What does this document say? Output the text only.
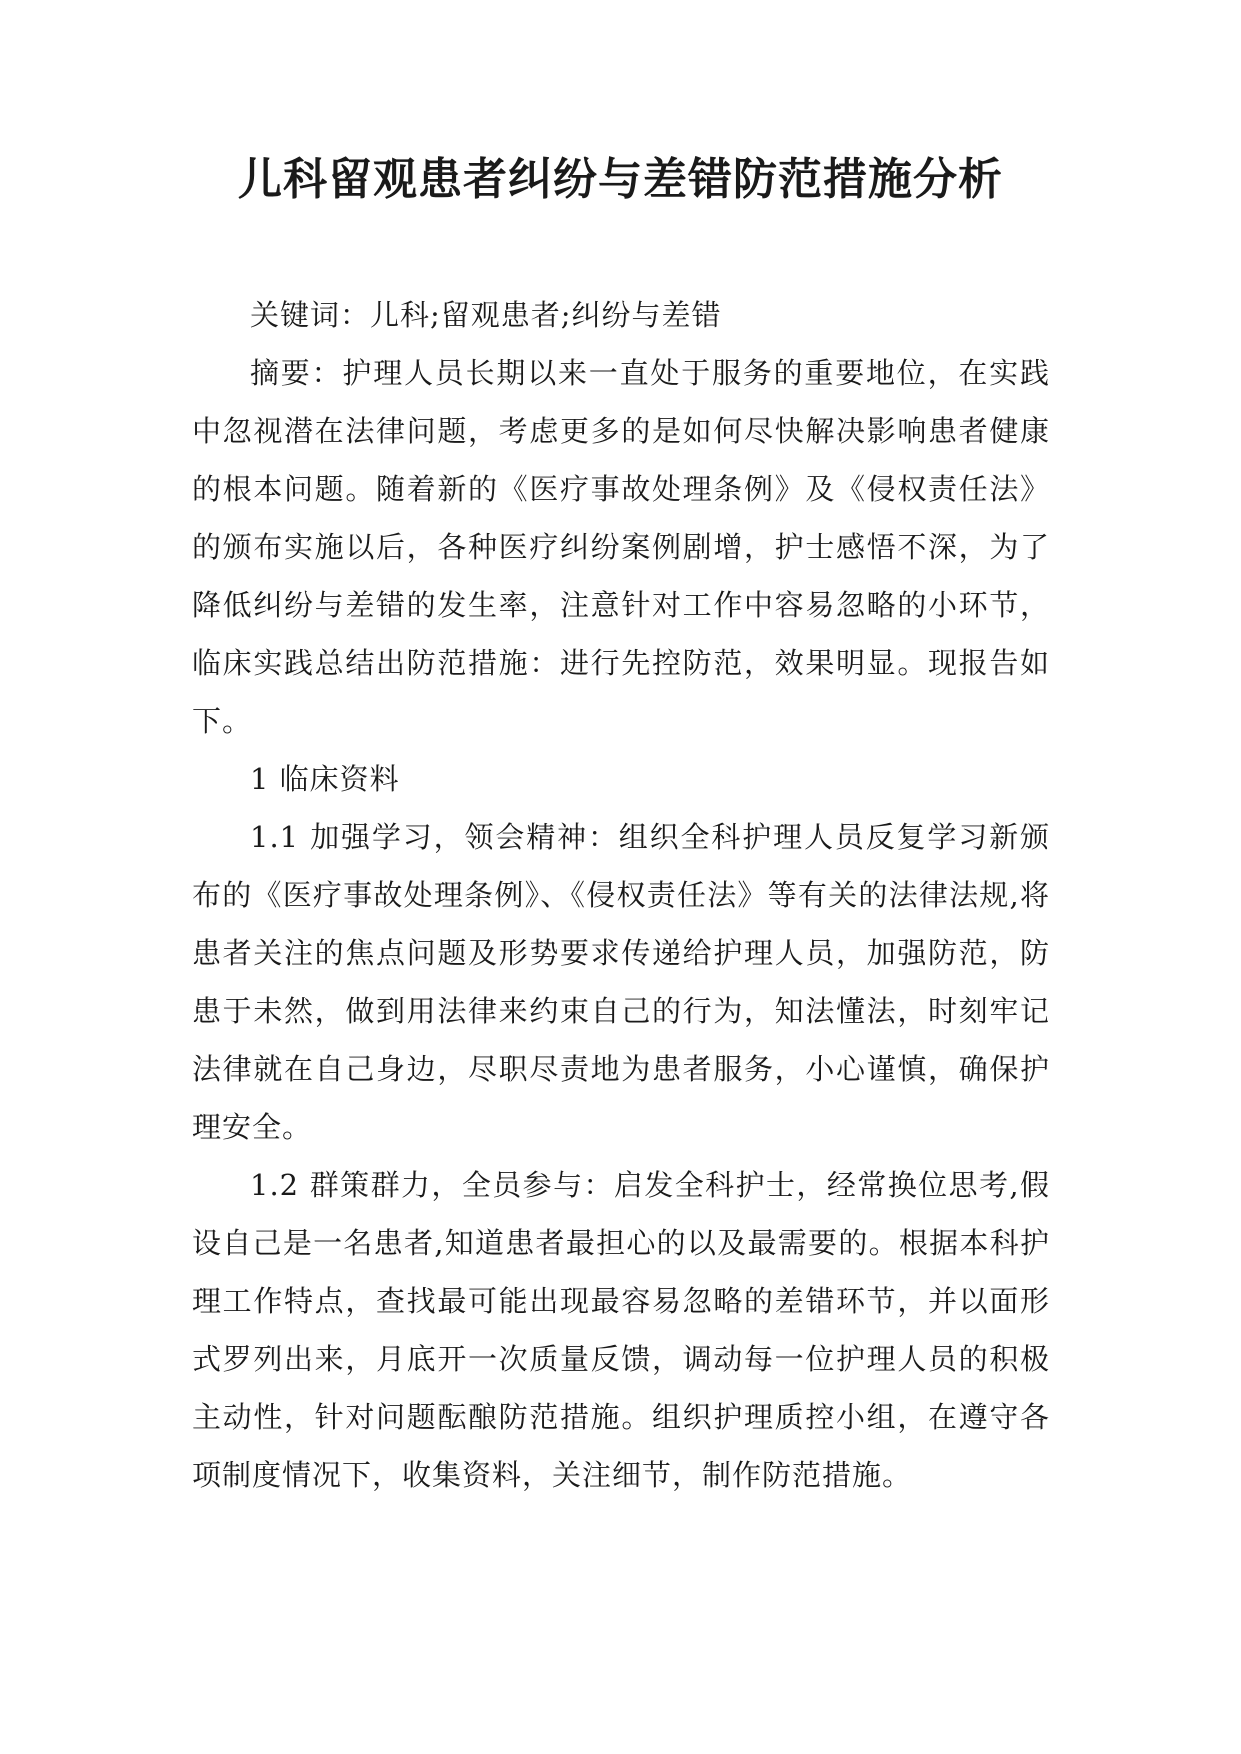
儿科留观患者纠纷与差错防范措施分析

关键词：儿科;留观患者;纠纷与差错

摘要：护理人员长期以来一直处于服务的重要地位，在实践中忽视潜在法律问题，考虑更多的是如何尽快解决影响患者健康的根本问题。随着新的《医疗事故处理条例》及《侵权责任法》的颁布实施以后，各种医疗纠纷案例剧增，护士感悟不深，为了降低纠纷与差错的发生率，注意针对工作中容易忽略的小环节，临床实践总结出防范措施：进行先控防范，效果明显。现报告如下。

1 临床资料

1.1 加强学习，领会精神：组织全科护理人员反复学习新颁布的《医疗事故处理条例》、《侵权责任法》等有关的法律法规,将患者关注的焦点问题及形势要求传递给护理人员，加强防范，防患于未然，做到用法律来约束自己的行为，知法懂法，时刻牢记法律就在自己身边，尽职尽责地为患者服务，小心谨慎，确保护理安全。

1.2 群策群力，全员参与：启发全科护士，经常换位思考,假设自己是一名患者,知道患者最担心的以及最需要的。根据本科护理工作特点，查找最可能出现最容易忽略的差错环节，并以面形式罗列出来，月底开一次质量反馈，调动每一位护理人员的积极主动性，针对问题酝酿防范措施。组织护理质控小组，在遵守各项制度情况下，收集资料，关注细节，制作防范措施。
